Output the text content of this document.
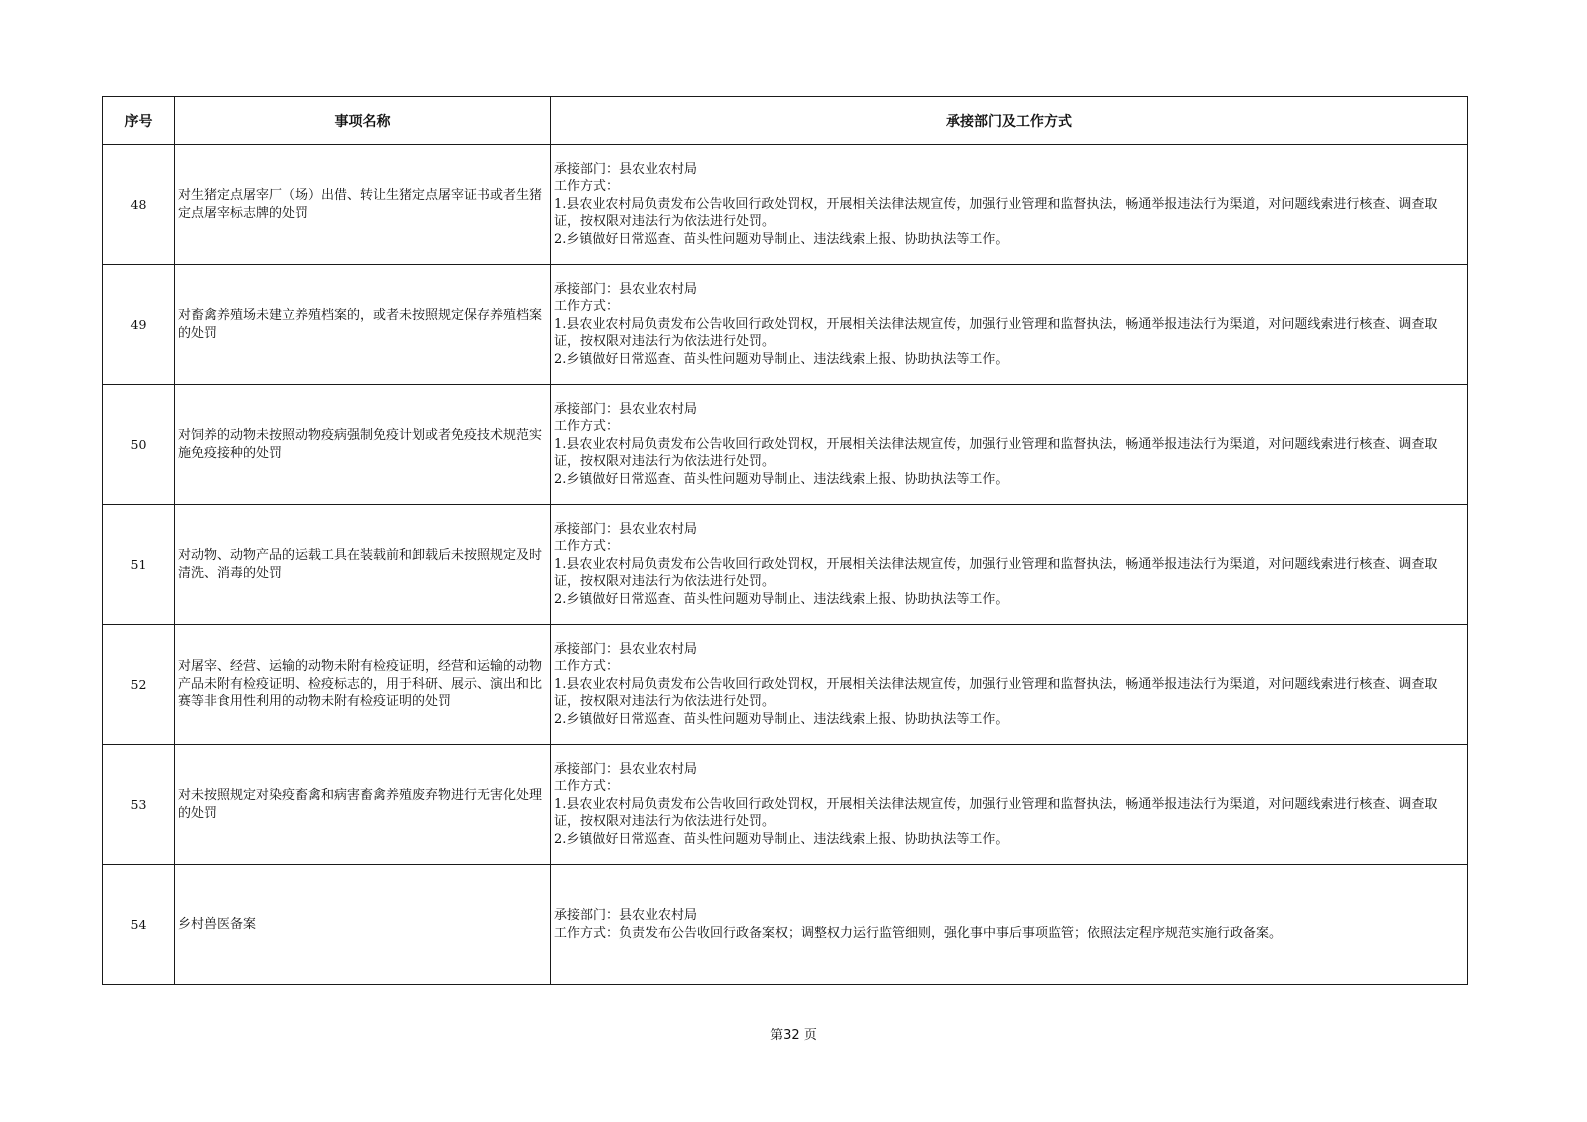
序号	事项名称	承接部门及工作方式
48	对生猪定点屠宰厂（场）出借、转让生猪定点屠宰证书或者生猪定点屠宰标志牌的处罚	承接部门：县农业农村局
工作方式：
1.县农业农村局负责发布公告收回行政处罚权，开展相关法律法规宣传，加强行业管理和监督执法，畅通举报违法行为渠道，对问题线索进行核查、调查取证，按权限对违法行为依法进行处罚。
2.乡镇做好日常巡查、苗头性问题劝导制止、违法线索上报、协助执法等工作。

49	对畜禽养殖场未建立养殖档案的，或者未按照规定保存养殖档案的处罚	承接部门：县农业农村局
工作方式：
1.县农业农村局负责发布公告收回行政处罚权，开展相关法律法规宣传，加强行业管理和监督执法，畅通举报违法行为渠道，对问题线索进行核查、调查取证，按权限对违法行为依法进行处罚。
2.乡镇做好日常巡查、苗头性问题劝导制止、违法线索上报、协助执法等工作。

50	对饲养的动物未按照动物疫病强制免疫计划或者免疫技术规范实施免疫接种的处罚	承接部门：县农业农村局
工作方式：
1.县农业农村局负责发布公告收回行政处罚权，开展相关法律法规宣传，加强行业管理和监督执法，畅通举报违法行为渠道，对问题线索进行核查、调查取证，按权限对违法行为依法进行处罚。
2.乡镇做好日常巡查、苗头性问题劝导制止、违法线索上报、协助执法等工作。

51	对动物、动物产品的运载工具在装载前和卸载后未按照规定及时清洗、消毒的处罚	承接部门：县农业农村局
工作方式：
1.县农业农村局负责发布公告收回行政处罚权，开展相关法律法规宣传，加强行业管理和监督执法，畅通举报违法行为渠道，对问题线索进行核查、调查取证，按权限对违法行为依法进行处罚。
2.乡镇做好日常巡查、苗头性问题劝导制止、违法线索上报、协助执法等工作。

52	对屠宰、经营、运输的动物未附有检疫证明，经营和运输的动物产品未附有检疫证明、检疫标志的，用于科研、展示、演出和比赛等非食用性利用的动物未附有检疫证明的处罚	承接部门：县农业农村局
工作方式：
1.县农业农村局负责发布公告收回行政处罚权，开展相关法律法规宣传，加强行业管理和监督执法，畅通举报违法行为渠道，对问题线索进行核查、调查取证，按权限对违法行为依法进行处罚。
2.乡镇做好日常巡查、苗头性问题劝导制止、违法线索上报、协助执法等工作。

53	对未按照规定对染疫畜禽和病害畜禽养殖废弃物进行无害化处理的处罚	承接部门：县农业农村局
工作方式：
1.县农业农村局负责发布公告收回行政处罚权，开展相关法律法规宣传，加强行业管理和监督执法，畅通举报违法行为渠道，对问题线索进行核查、调查取证，按权限对违法行为依法进行处罚。
2.乡镇做好日常巡查、苗头性问题劝导制止、违法线索上报、协助执法等工作。

54	乡村兽医备案	承接部门：县农业农村局
工作方式：负责发布公告收回行政备案权；调整权力运行监管细则，强化事中事后事项监管；依照法定程序规范实施行政备案。
第32 页
